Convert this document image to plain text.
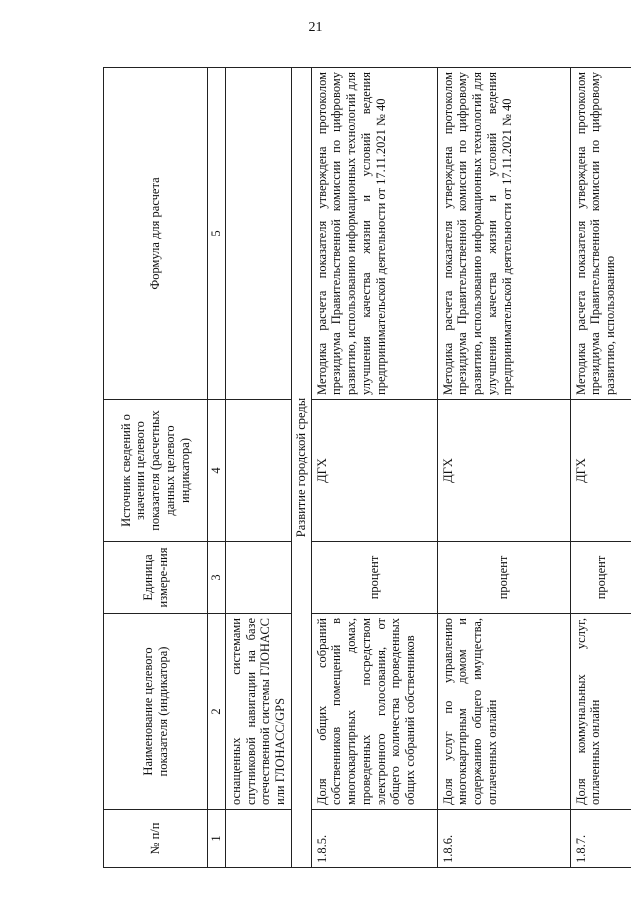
21
№ п/п	Наименование целевого показателя (индикатора)	Единица измере-ния	Источник сведений о значении целевого показателя (расчетных данных целевого индикатора)	Формула для расчета
1	2	3	4	5
	оснащенных системами спутниковой навигации на базе отечественной системы ГЛОНАСС или ГЛОНАСС/GPS			
Развитие городской среды				
1.8.5.	Доля общих собраний собственников помещений в многоквартирных домах, проведенных посредством электронного голосования, от общего количества проведенных общих собраний собственников	процент	ДГХ	Методика расчета показателя утверждена протоколом президиума Правительственной комиссии по цифровому развитию, использованию информационных технологий для улучшения качества жизни и условий ведения предпринимательской деятельности от 17.11.2021 № 40
1.8.6.	Доля услуг по управлению многоквартирным домом и содержанию общего имущества, оплаченных онлайн	процент	ДГХ	Методика расчета показателя утверждена протоколом президиума Правительственной комиссии по цифровому развитию, использованию информационных технологий для улучшения качества жизни и условий ведения предпринимательской деятельности от 17.11.2021 № 40
1.8.7.	Доля коммунальных услуг, оплаченных онлайн	процент	ДГХ	Методика расчета показателя утверждена протоколом президиума Правительственной комиссии по цифровому развитию, использованию
